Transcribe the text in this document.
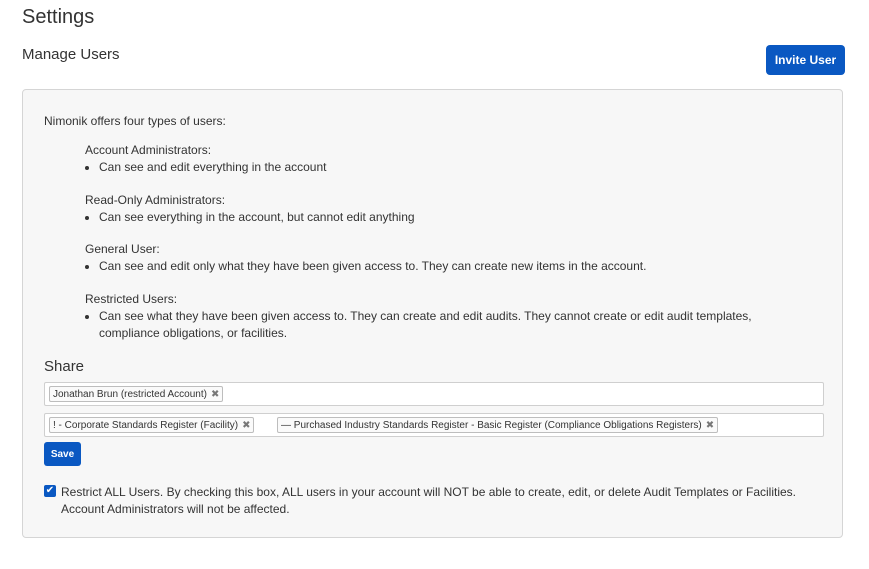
Settings
Manage Users	Invite User
Nimonik offers four types of users:
Account Administrators:
• Can see and edit everything in the account
Read-Only Administrators:
• Can see everything in the account, but cannot edit anything
General User:
• Can see and edit only what they have been given access to. They can create new items in the account.
Restricted Users:
• Can see what they have been given access to. They can create and edit audits. They cannot create or edit audit templates, compliance obligations, or facilities.
Share
Jonathan Brun (restricted Account) ✖
! - Corporate Standards Register (Facility) ✖	— Purchased Industry Standards Register - Basic Register (Compliance Obligations Registers) ✖
Save
✔ Restrict ALL Users. By checking this box, ALL users in your account will NOT be able to create, edit, or delete Audit Templates or Facilities. Account Administrators will not be affected.
